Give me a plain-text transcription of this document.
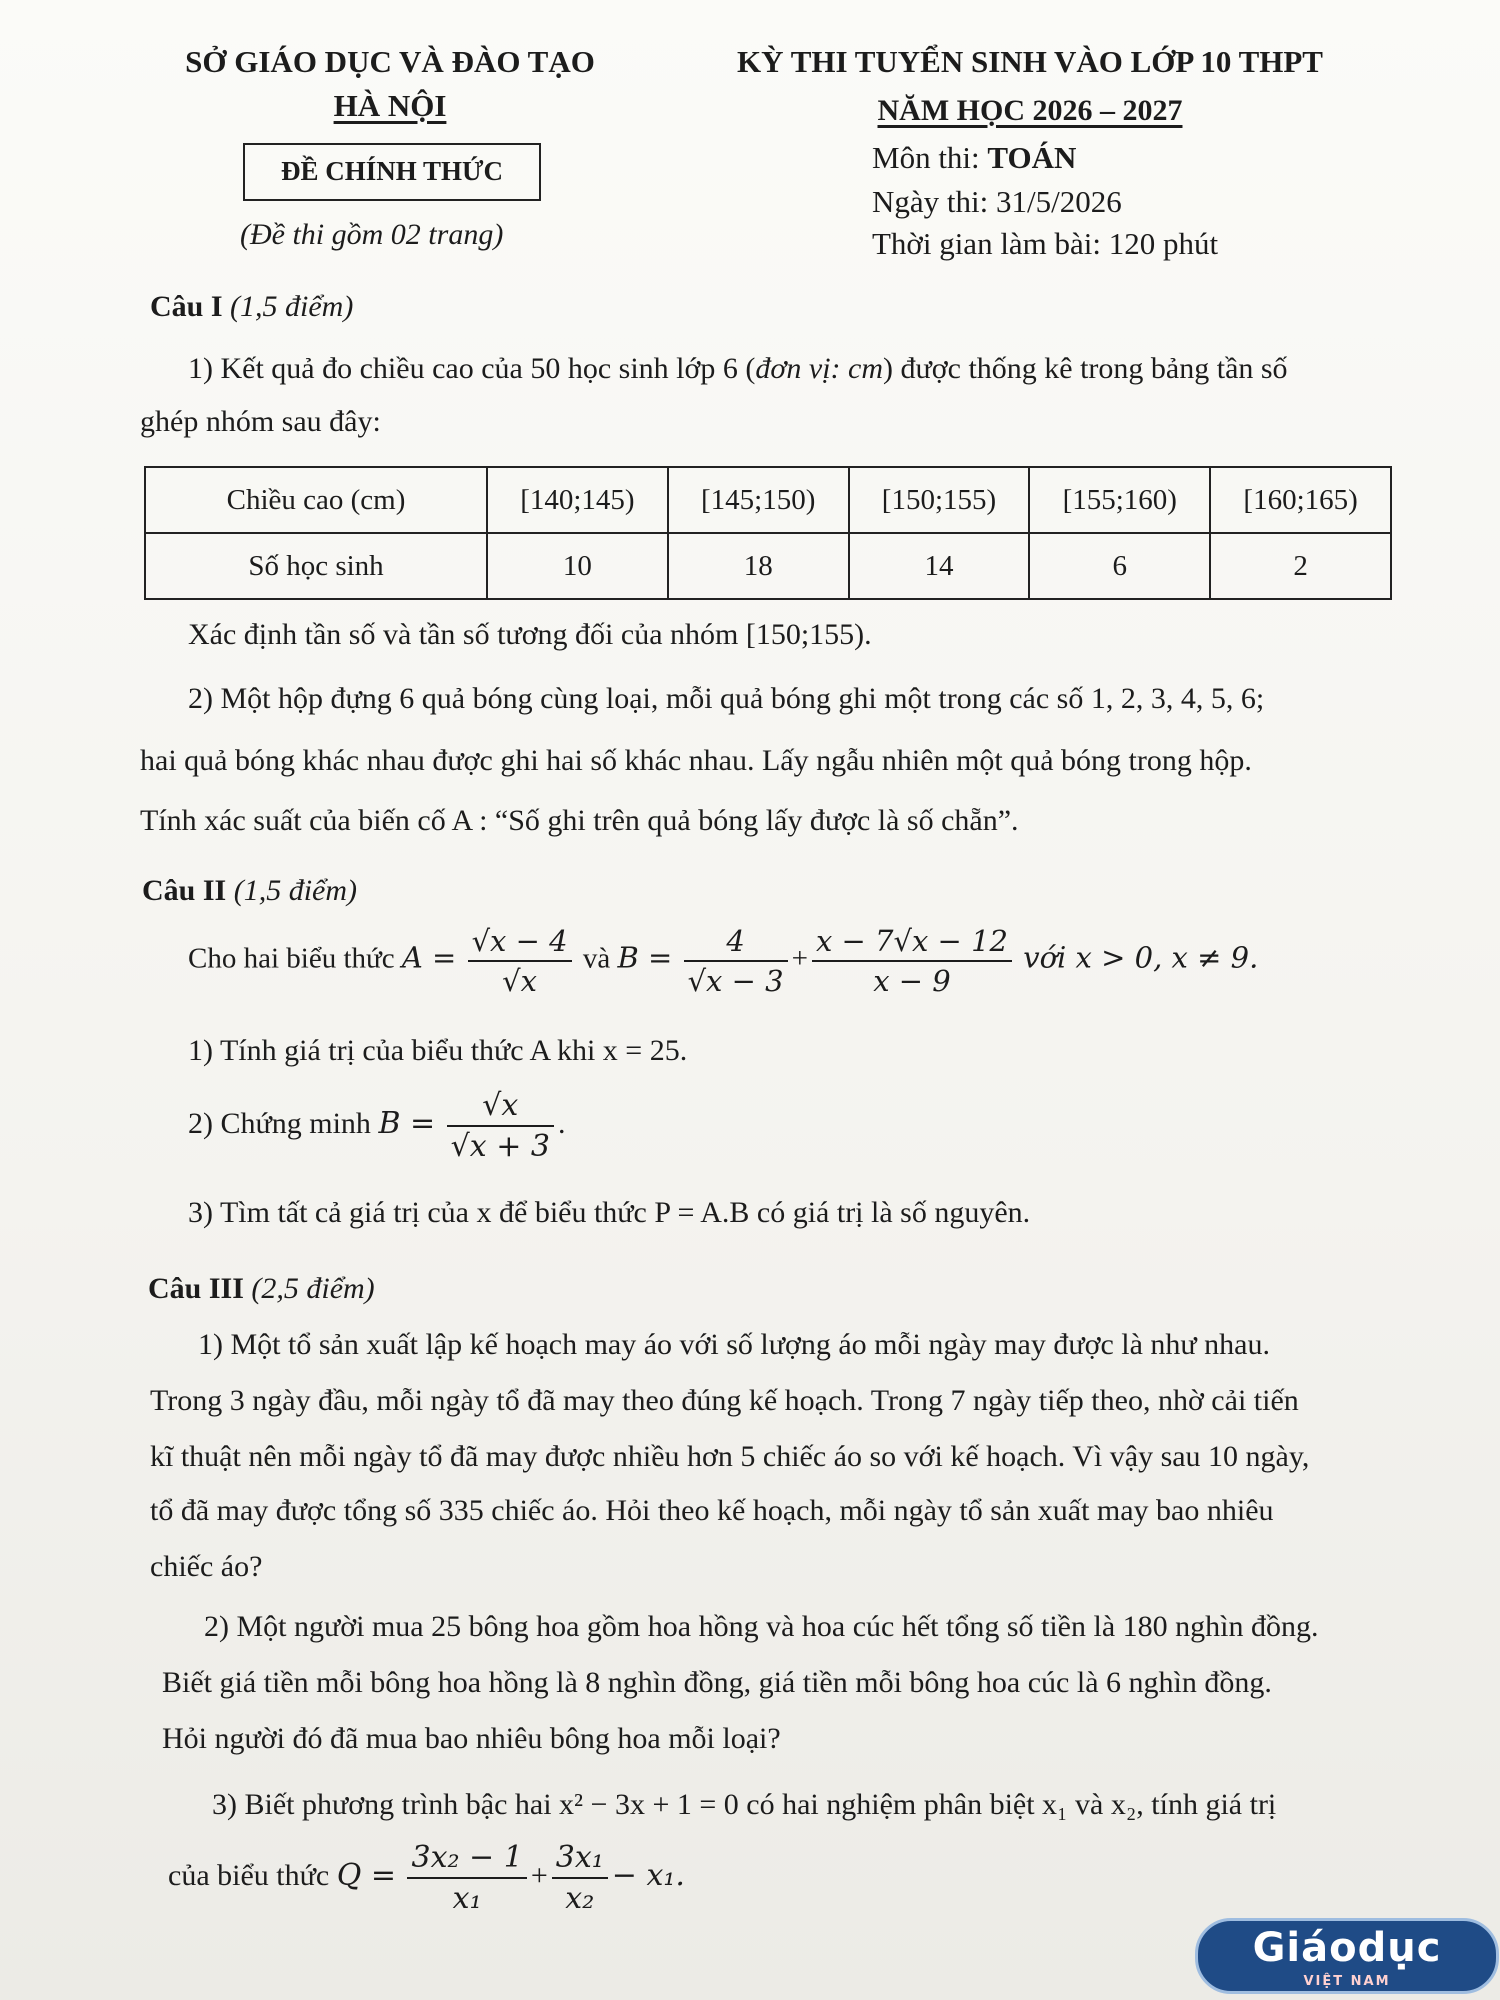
SỞ GIÁO DỤC VÀ ĐÀO TẠO
HÀ NỘI
ĐỀ CHÍNH THỨC
(Đề thi gồm 02 trang)
KỲ THI TUYỂN SINH VÀO LỚP 10 THPT
NĂM HỌC 2026 – 2027
Môn thi: TOÁN
Ngày thi: 31/5/2026
Thời gian làm bài: 120 phút
Câu I (1,5 điểm)
1) Kết quả đo chiều cao của 50 học sinh lớp 6 (đơn vị: cm) được thống kê trong bảng tần số
ghép nhóm sau đây:
Chiều cao (cm)	[140;145)	[145;150)	[150;155)	[155;160)	[160;165)
Số học sinh	10	18	14	6	2
Xác định tần số và tần số tương đối của nhóm [150;155).
2) Một hộp đựng 6 quả bóng cùng loại, mỗi quả bóng ghi một trong các số 1, 2, 3, 4, 5, 6;
hai quả bóng khác nhau được ghi hai số khác nhau. Lấy ngẫu nhiên một quả bóng trong hộp.
Tính xác suất của biến cố A : “Số ghi trên quả bóng lấy được là số chẵn”.
Câu II (1,5 điểm)
Cho hai biểu thức $A = \frac{√x - 4}{√x}$ và $B = \frac{4}{√x - 3} + \frac{x - 7√x - 12}{x - 9}$ với x > 0, x ≠ 9.
1) Tính giá trị của biểu thức A khi x = 25.
2) Chứng minh $B = \frac{√x}{√x + 3}$ .
3) Tìm tất cả giá trị của x để biểu thức P = A.B có giá trị là số nguyên.
Câu III (2,5 điểm)
1) Một tổ sản xuất lập kế hoạch may áo với số lượng áo mỗi ngày may được là như nhau.
Trong 3 ngày đầu, mỗi ngày tổ đã may theo đúng kế hoạch. Trong 7 ngày tiếp theo, nhờ cải tiến
kĩ thuật nên mỗi ngày tổ đã may được nhiều hơn 5 chiếc áo so với kế hoạch. Vì vậy sau 10 ngày,
tổ đã may được tổng số 335 chiếc áo. Hỏi theo kế hoạch, mỗi ngày tổ sản xuất may bao nhiêu
chiếc áo?
2) Một người mua 25 bông hoa gồm hoa hồng và hoa cúc hết tổng số tiền là 180 nghìn đồng.
Biết giá tiền mỗi bông hoa hồng là 8 nghìn đồng, giá tiền mỗi bông hoa cúc là 6 nghìn đồng.
Hỏi người đó đã mua bao nhiêu bông hoa mỗi loại?
3) Biết phương trình bậc hai x² − 3x + 1 = 0 có hai nghiệm phân biệt x₁ và x₂, tính giá trị
của biểu thức $Q = \frac{\text{3x₂ − 1}}{\text{x₁}} + \frac{\text{3x₁}}{\text{x₂}} - x_1$.
Giáodục
VIỆT NAM
